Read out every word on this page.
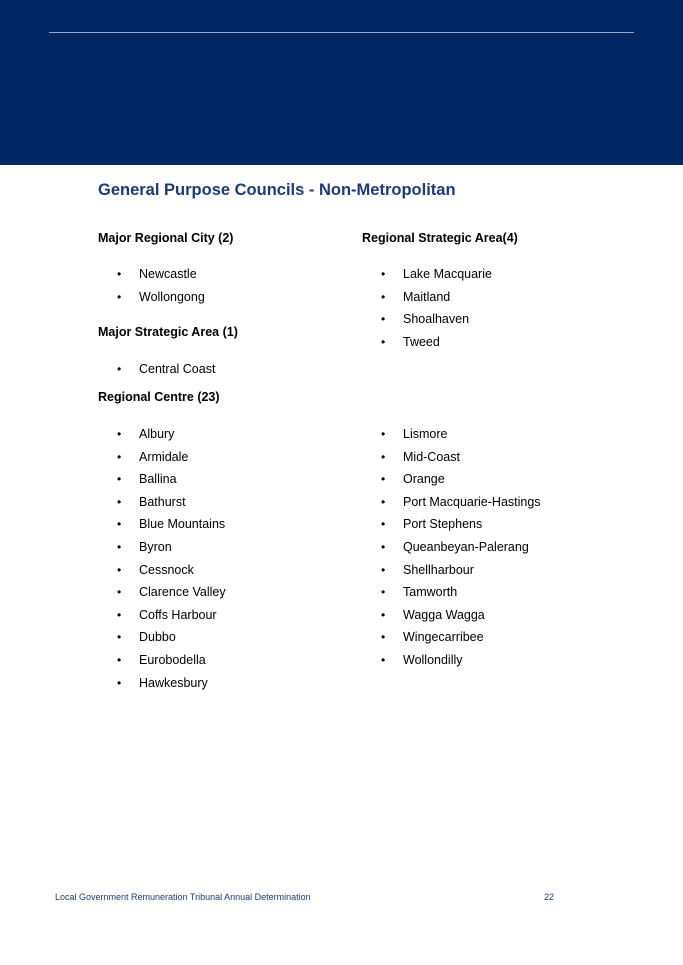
General Purpose Councils - Non-Metropolitan
Major Regional City (2)
• Newcastle
• Wollongong
Regional Strategic Area(4)
• Lake Macquarie
• Maitland
• Shoalhaven
• Tweed
Major Strategic Area (1)
• Central Coast
Regional Centre (23)
• Albury
• Armidale
• Ballina
• Bathurst
• Blue Mountains
• Byron
• Cessnock
• Clarence Valley
• Coffs Harbour
• Dubbo
• Eurobodella
• Hawkesbury
• Lismore
• Mid-Coast
• Orange
• Port Macquarie-Hastings
• Port Stephens
• Queanbeyan-Palerang
• Shellharbour
• Tamworth
• Wagga Wagga
• Wingecarribee
• Wollondilly
Local Government Remuneration Tribunal Annual Determination	22
